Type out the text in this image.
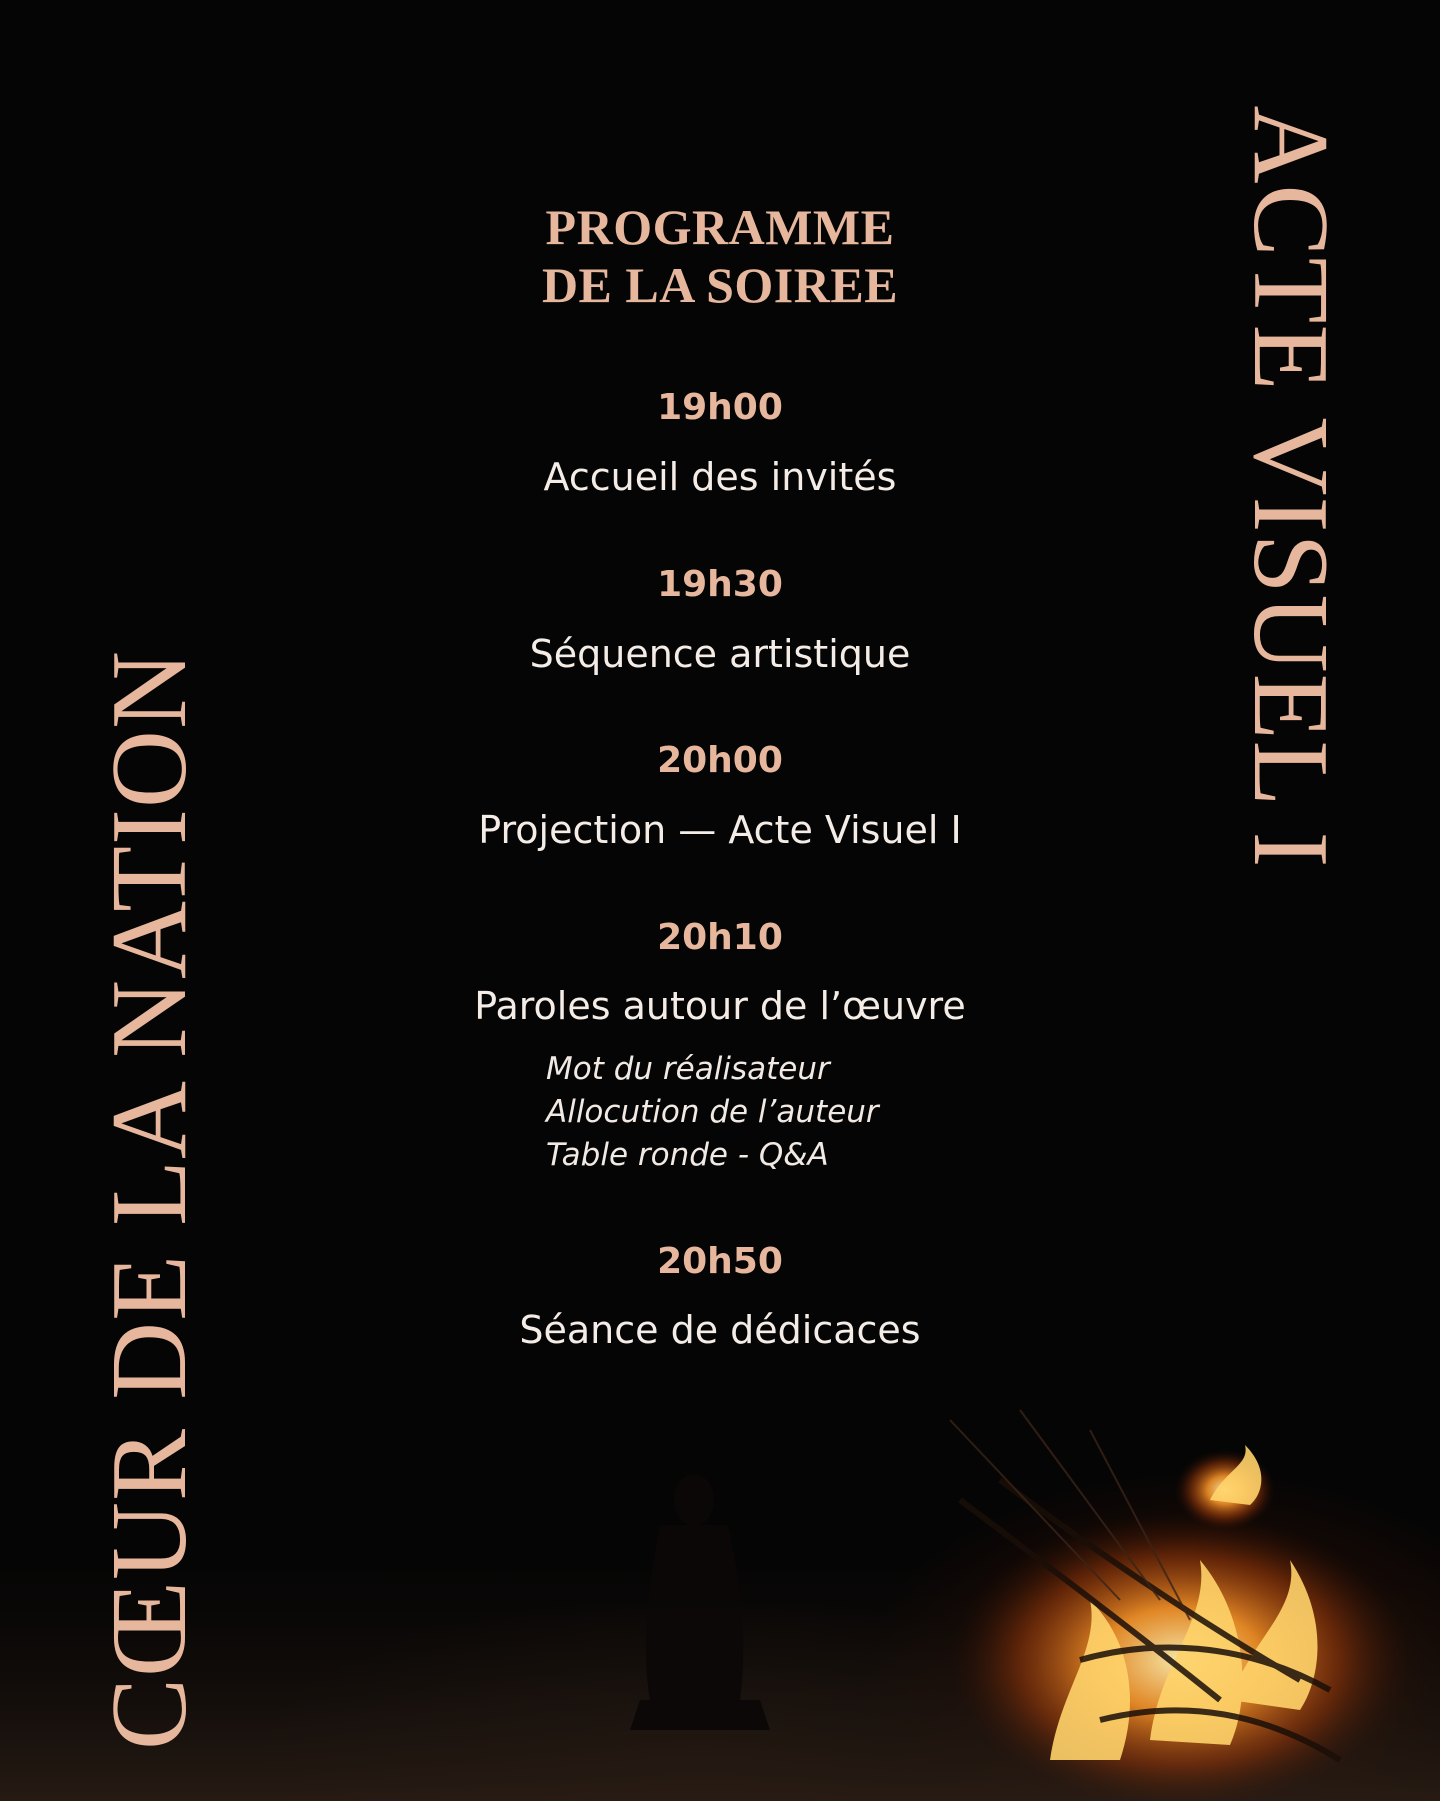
CŒUR DE LA NATION
ACTE VISUEL I
PROGRAMME
DE LA SOIREE
19h00
Accueil des invités
19h30
Séquence artistique
20h00
Projection — Acte Visuel I
20h10
Paroles autour de l’œuvre
Mot du réalisateur
Allocution de l’auteur
Table ronde - Q&A
20h50
Séance de dédicaces
